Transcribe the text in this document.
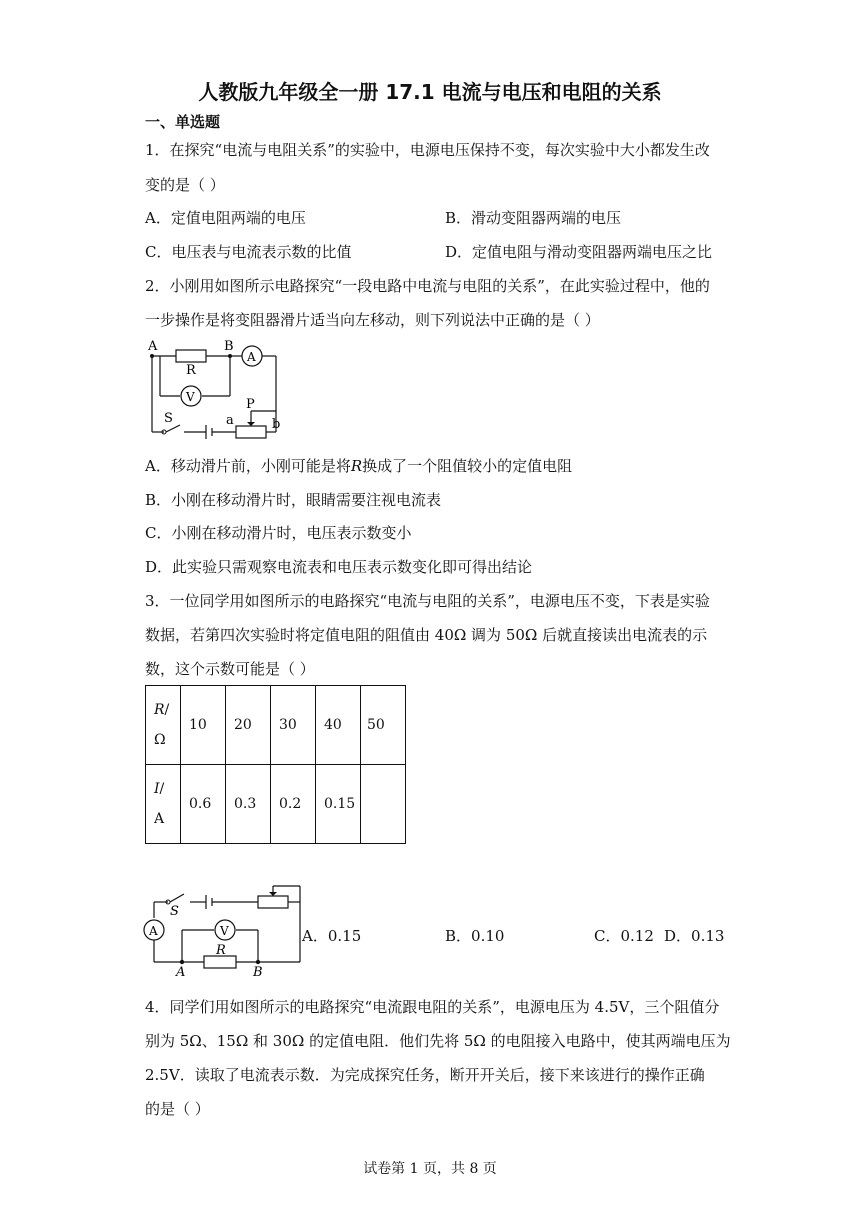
人教版九年级全一册 17.1 电流与电压和电阻的关系
一、单选题
1．在探究“电流与电阻关系”的实验中，电源电压保持不变，每次实验中大小都发生改
变的是（ ）
A．定值电阻两端的电压	B．滑动变阻器两端的电压
C．电压表与电流表示数的比值	D．定值电阻与滑动变阻器两端电压之比
2．小刚用如图所示电路探究“一段电路中电流与电阻的关系”，在此实验过程中，他的
一步操作是将变阻器滑片适当向左移动，则下列说法中正确的是（ ）
A	B
R
A
V
S
P
a	b
A．移动滑片前，小刚可能是将R换成了一个阻值较小的定值电阻
B．小刚在移动滑片时，眼睛需要注视电流表
C．小刚在移动滑片时，电压表示数变小
D．此实验只需观察电流表和电压表示数变化即可得出结论
3．一位同学用如图所示的电路探究“电流与电阻的关系”，电源电压不变，下表是实验
数据，若第四次实验时将定值电阻的阻值由 40Ω 调为 50Ω 后就直接读出电流表的示
数，这个示数可能是（ ）
R/
Ω	10	20	30	40	50
I/
A	0.6	0.3	0.2	0.15	
S
V
A
R
A	B
A．0.15	B．0.10	C．0.12 D．0.13
4．同学们用如图所示的电路探究“电流跟电阻的关系”，电源电压为 4.5V，三个阻值分
别为 5Ω、15Ω 和 30Ω 的定值电阻．他们先将 5Ω 的电阻接入电路中，使其两端电压为
2.5V．读取了电流表示数．为完成探究任务，断开开关后，接下来该进行的操作正确
的是（ ）
试卷第 1 页，共 8 页
